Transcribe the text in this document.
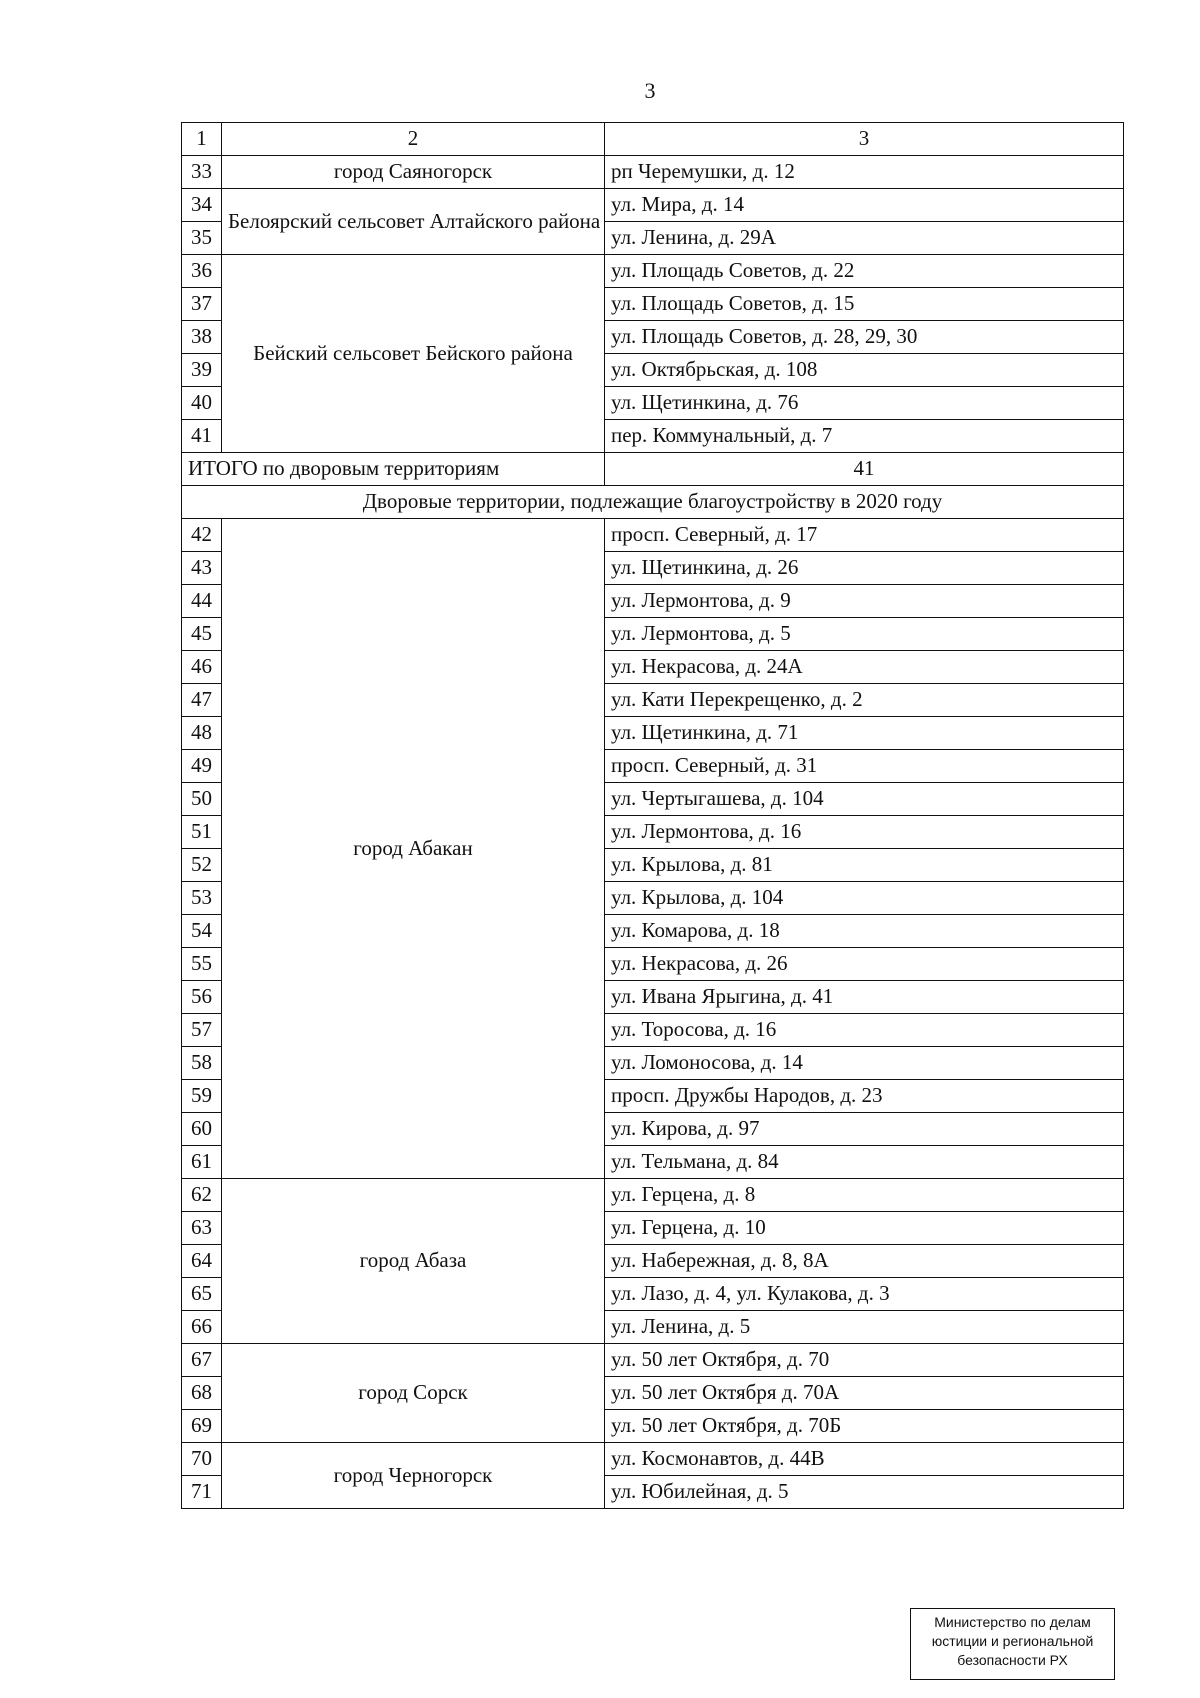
3
1	2	3
33	город Саяногорск	рп Черемушки, д. 12
34	Белоярский сельсовет Алтайского района	ул. Мира, д. 14
35		ул. Ленина, д. 29А
36	Бейский сельсовет Бейского района	ул. Площадь Советов, д. 22
37		ул. Площадь Советов, д. 15
38		ул. Площадь Советов, д. 28, 29, 30
39		ул. Октябрьская, д. 108
40		ул. Щетинкина, д. 76
41		пер. Коммунальный, д. 7
ИТОГО по дворовым территориям		41
Дворовые территории, подлежащие благоустройству в 2020 году		
42	город Абакан	просп. Северный, д. 17
43		ул. Щетинкина, д. 26
44		ул. Лермонтова, д. 9
45		ул. Лермонтова, д. 5
46		ул. Некрасова, д. 24А
47		ул. Кати Перекрещенко, д. 2
48		ул. Щетинкина, д. 71
49		просп. Северный, д. 31
50		ул. Чертыгашева, д. 104
51		ул. Лермонтова, д. 16
52		ул. Крылова, д. 81
53		ул. Крылова, д. 104
54		ул. Комарова, д. 18
55		ул. Некрасова, д. 26
56		ул. Ивана Ярыгина, д. 41
57		ул. Торосова, д. 16
58		ул. Ломоносова, д. 14
59		просп. Дружбы Народов, д. 23
60		ул. Кирова, д. 97
61		ул. Тельмана, д. 84
62	город Абаза	ул. Герцена, д. 8
63		ул. Герцена, д. 10
64		ул. Набережная, д. 8, 8А
65		ул. Лазо, д. 4, ул. Кулакова, д. 3
66		ул. Ленина, д. 5
67	город Сорск	ул. 50 лет Октября, д. 70
68		ул. 50 лет Октября д. 70А
69		ул. 50 лет Октября, д. 70Б
70	город Черногорск	ул. Космонавтов, д. 44В
71		ул. Юбилейная, д. 5
Министерство по делам
юстиции и региональной
безопасности РХ
